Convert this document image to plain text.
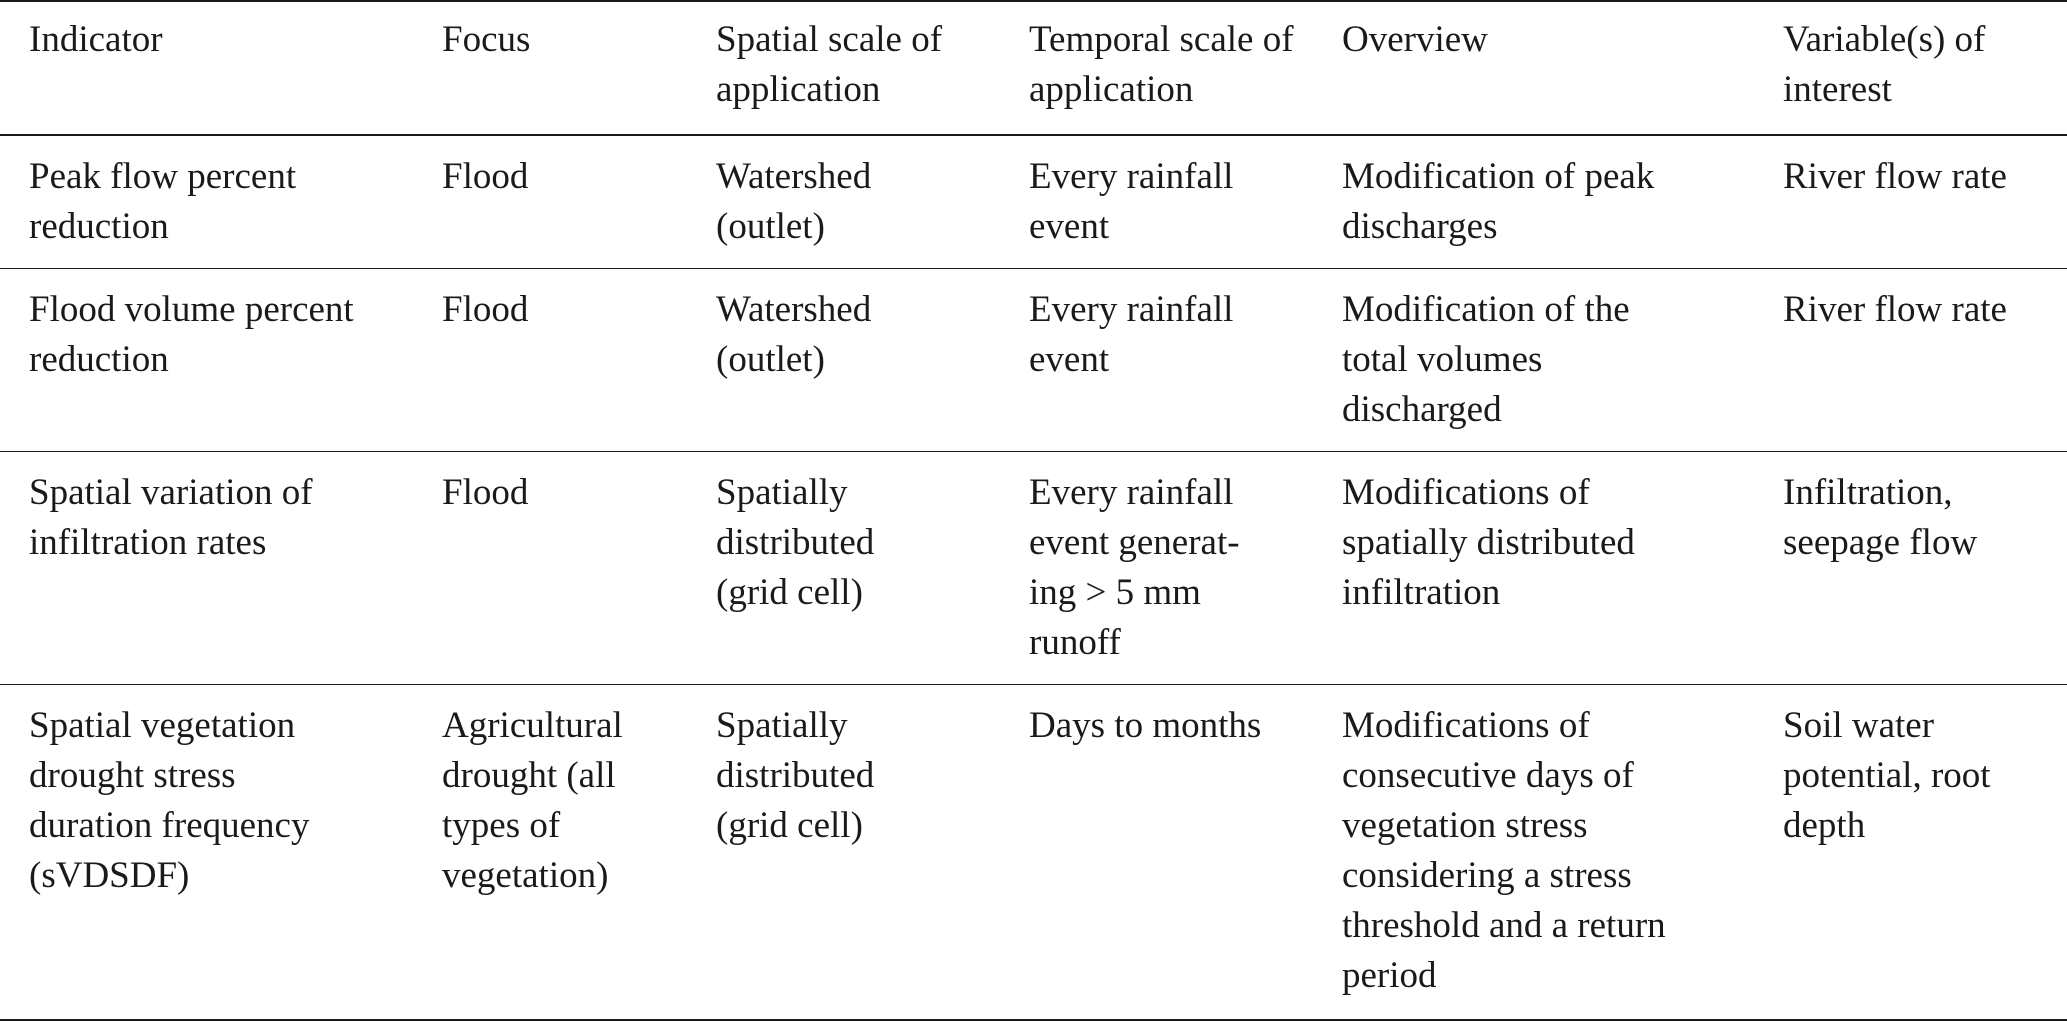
Indicator	Focus	Spatial scale of application	Temporal scale of application	Overview	Variable(s) of interest

Peak flow percent reduction	Flood	Watershed (outlet)	Every rainfall event	Modification of peak discharges	River flow rate

Flood volume percent reduction	Flood	Watershed (outlet)	Every rainfall event	Modification of the total volumes discharged	River flow rate

Spatial variation of infiltration rates	Flood	Spatially distributed (grid cell)	Every rainfall event generat-ing > 5 mm runoff	Modifications of spatially distributed infiltration	Infiltration, seepage flow

Spatial vegetation drought stress duration frequency (sVDSDF)	Agricultural drought (all types of vegetation)	Spatially distributed (grid cell)	Days to months	Modifications of consecutive days of vegetation stress considering a stress threshold and a return period	Soil water potential, root depth
